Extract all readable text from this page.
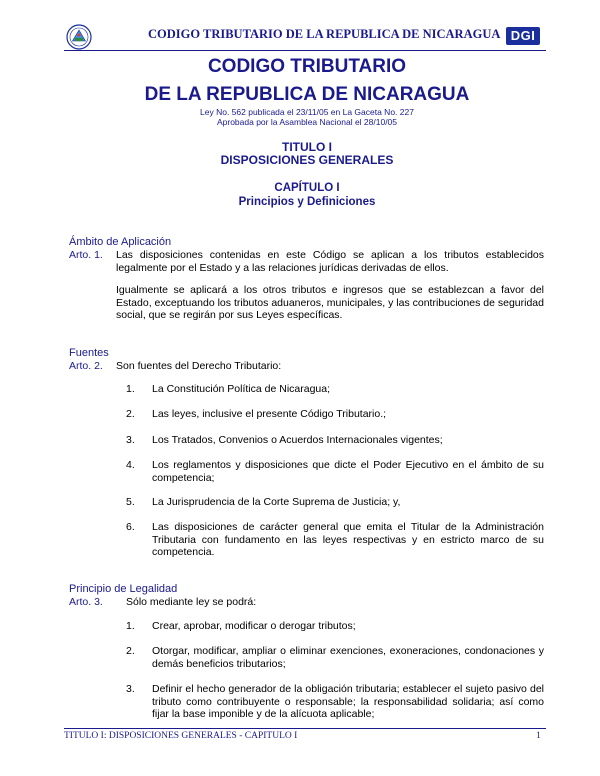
CODIGO TRIBUTARIO DE LA REPUBLICA DE NICARAGUA DGI
CODIGO TRIBUTARIO
DE LA REPUBLICA DE NICARAGUA
Ley No. 562 publicada el 23/11/05 en La Gaceta No. 227
Aprobada por la Asamblea Nacional el 28/10/05
TITULO I
DISPOSICIONES GENERALES
CAPÍTULO I
Principios y Definiciones
Ámbito de Aplicación
Arto. 1. Las disposiciones contenidas en este Código se aplican a los tributos establecidos legalmente por el Estado y a las relaciones jurídicas derivadas de ellos.
Igualmente se aplicará a los otros tributos e ingresos que se establezcan a favor del Estado, exceptuando los tributos aduaneros, municipales, y las contribuciones de seguridad social, que se regirán por sus Leyes específicas.
Fuentes
Arto. 2. Son fuentes del Derecho Tributario:
1. La Constitución Política de Nicaragua;
2. Las leyes, inclusive el presente Código Tributario.;
3. Los Tratados, Convenios o Acuerdos Internacionales vigentes;
4. Los reglamentos y disposiciones que dicte el Poder Ejecutivo en el ámbito de su competencia;
5. La Jurisprudencia de la Corte Suprema de Justicia; y,
6. Las disposiciones de carácter general que emita el Titular de la Administración Tributaria con fundamento en las leyes respectivas y en estricto marco de su competencia.
Principio de Legalidad
Arto. 3. Sólo mediante ley se podrá:
1. Crear, aprobar, modificar o derogar tributos;
2. Otorgar, modificar, ampliar o eliminar exenciones, exoneraciones, condonaciones y demás beneficios tributarios;
3. Definir el hecho generador de la obligación tributaria; establecer el sujeto pasivo del tributo como contribuyente o responsable; la responsabilidad solidaria; así como fijar la base imponible y de la alícuota aplicable;
TITULO I: DISPOSICIONES GENERALES - CAPITULO I	1
